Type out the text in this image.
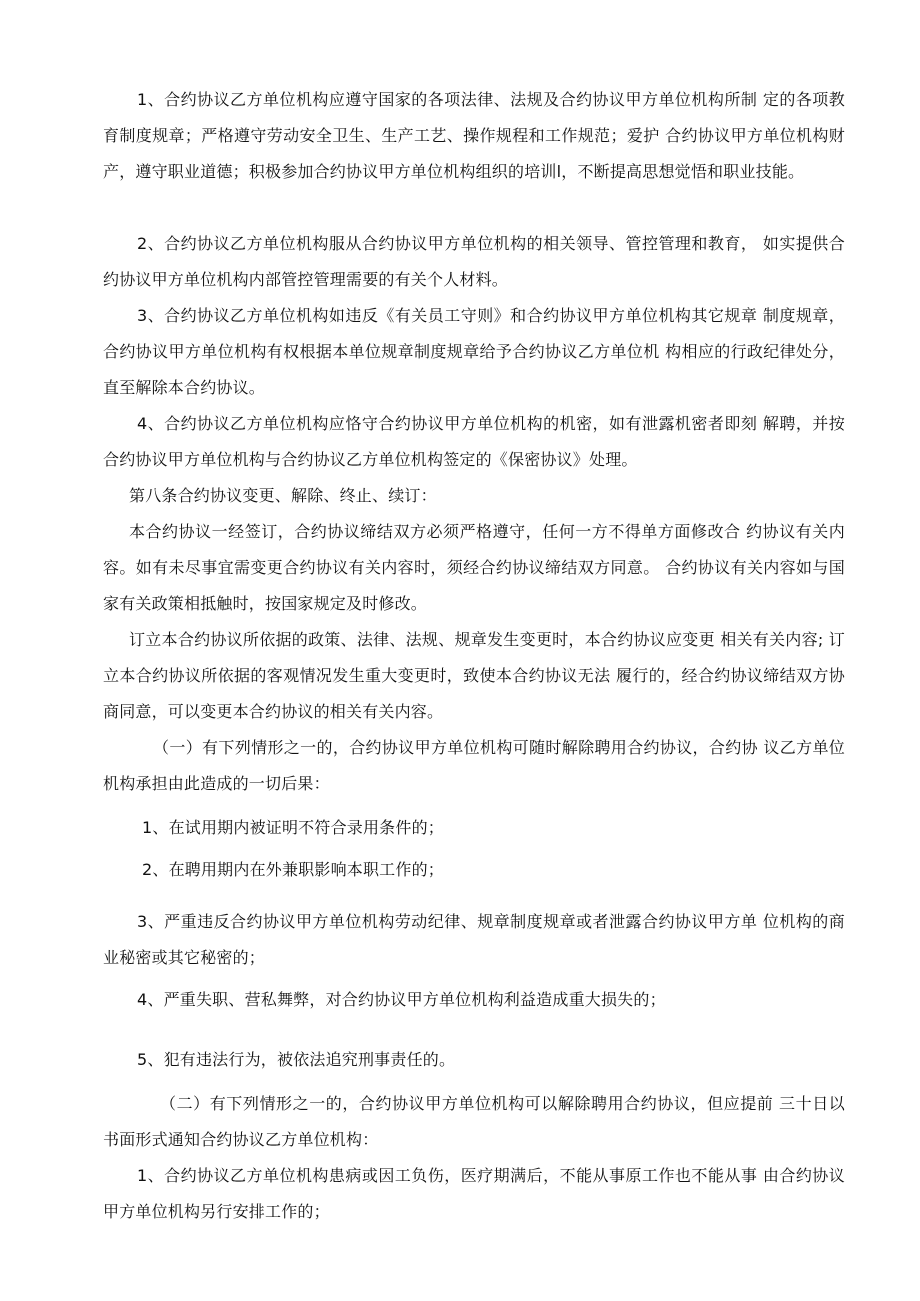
1、合约协议乙方单位机构应遵守国家的各项法律、法规及合约协议甲方单位机构所制 定的各项教育制度规章；严格遵守劳动安全卫生、生产工艺、操作规程和工作规范；爱护 合约协议甲方单位机构财产，遵守职业道德；积极参加合约协议甲方单位机构组织的培训l，不断提高思想觉悟和职业技能。

2、合约协议乙方单位机构服从合约协议甲方单位机构的相关领导、管控管理和教育， 如实提供合约协议甲方单位机构内部管控管理需要的有关个人材料。

3、合约协议乙方单位机构如违反《有关员工守则》和合约协议甲方单位机构其它规章 制度规章，合约协议甲方单位机构有权根据本单位规章制度规章给予合约协议乙方单位机 构相应的行政纪律处分，直至解除本合约协议。

4、合约协议乙方单位机构应恪守合约协议甲方单位机构的机密，如有泄露机密者即刻 解聘，并按合约协议甲方单位机构与合约协议乙方单位机构签定的《保密协议》处理。

第八条合约协议变更、解除、终止、续订：

本合约协议一经签订，合约协议缔结双方必须严格遵守，任何一方不得单方面修改合 约协议有关内容。如有未尽事宜需变更合约协议有关内容时，须经合约协议缔结双方同意。 合约协议有关内容如与国家有关政策相抵触时，按国家规定及时修改。

订立本合约协议所依据的政策、法律、法规、规章发生变更时，本合约协议应变更 相关有关内容; 订立本合约协议所依据的客观情况发生重大变更时，致使本合约协议无法 履行的，经合约协议缔结双方协商同意，可以变更本合约协议的相关有关内容。

（一）有下列情形之一的，合约协议甲方单位机构可随时解除聘用合约协议，合约协 议乙方单位机构承担由此造成的一切后果：

1、在试用期内被证明不符合录用条件的；

2、在聘用期内在外兼职影响本职工作的；

3、严重违反合约协议甲方单位机构劳动纪律、规章制度规章或者泄露合约协议甲方单 位机构的商业秘密或其它秘密的；

4、严重失职、营私舞弊，对合约协议甲方单位机构利益造成重大损失的；

5、犯有违法行为，被依法追究刑事责任的。

（二）有下列情形之一的，合约协议甲方单位机构可以解除聘用合约协议，但应提前 三十日以书面形式通知合约协议乙方单位机构：

1、合约协议乙方单位机构患病或因工负伤，医疗期满后，不能从事原工作也不能从事 由合约协议甲方单位机构另行安排工作的；
